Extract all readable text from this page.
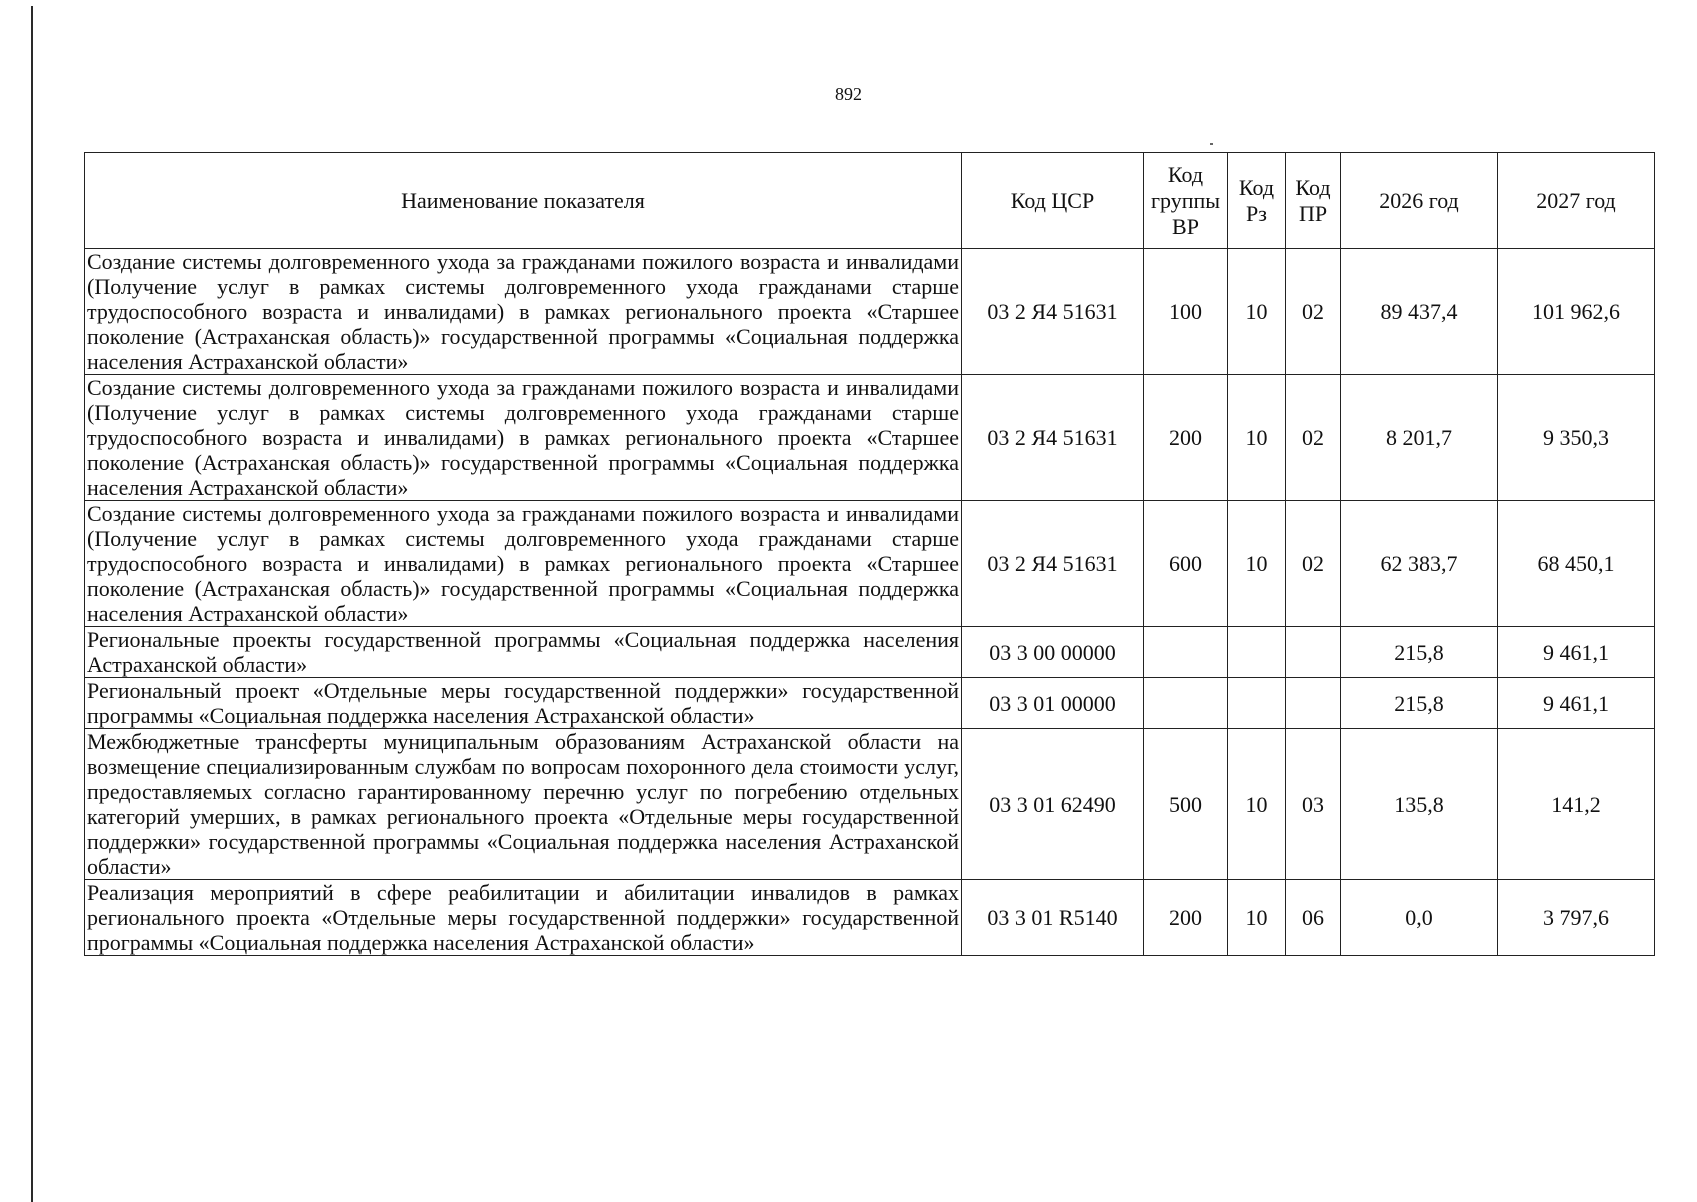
892
Наименование показателя	Код ЦСР	Код группы ВР	Код Рз	Код ПР	2026 год	2027 год
Создание системы долговременного ухода за гражданами пожилого возраста и инвалидами (Получение услуг в рамках системы долговременного ухода гражданами старше трудоспособного возраста и инвалидами) в рамках регионального проекта «Старшее поколение (Астраханская область)» государственной программы «Социальная поддержка населения Астраханской области»	03 2 Я4 51631	100	10	02	89 437,4	101 962,6
Создание системы долговременного ухода за гражданами пожилого возраста и инвалидами (Получение услуг в рамках системы долговременного ухода гражданами старше трудоспособного возраста и инвалидами) в рамках регионального проекта «Старшее поколение (Астраханская область)» государственной программы «Социальная поддержка населения Астраханской области»	03 2 Я4 51631	200	10	02	8 201,7	9 350,3
Создание системы долговременного ухода за гражданами пожилого возраста и инвалидами (Получение услуг в рамках системы долговременного ухода гражданами старше трудоспособного возраста и инвалидами) в рамках регионального проекта «Старшее поколение (Астраханская область)» государственной программы «Социальная поддержка населения Астраханской области»	03 2 Я4 51631	600	10	02	62 383,7	68 450,1
Региональные проекты государственной программы «Социальная поддержка населения Астраханской области»	03 3 00 00000				215,8	9 461,1
Региональный проект «Отдельные меры государственной поддержки» государственной программы «Социальная поддержка населения Астраханской области»	03 3 01 00000				215,8	9 461,1
Межбюджетные трансферты муниципальным образованиям Астраханской области на возмещение специализированным службам по вопросам похоронного дела стоимости услуг, предоставляемых согласно гарантированному перечню услуг по погребению отдельных категорий умерших, в рамках регионального проекта «Отдельные меры государственной поддержки» государственной программы «Социальная поддержка населения Астраханской области»	03 3 01 62490	500	10	03	135,8	141,2
Реализация мероприятий в сфере реабилитации и абилитации инвалидов в рамках регионального проекта «Отдельные меры государственной поддержки» государственной программы «Социальная поддержка населения Астраханской области»	03 3 01 R5140	200	10	06	0,0	3 797,6
